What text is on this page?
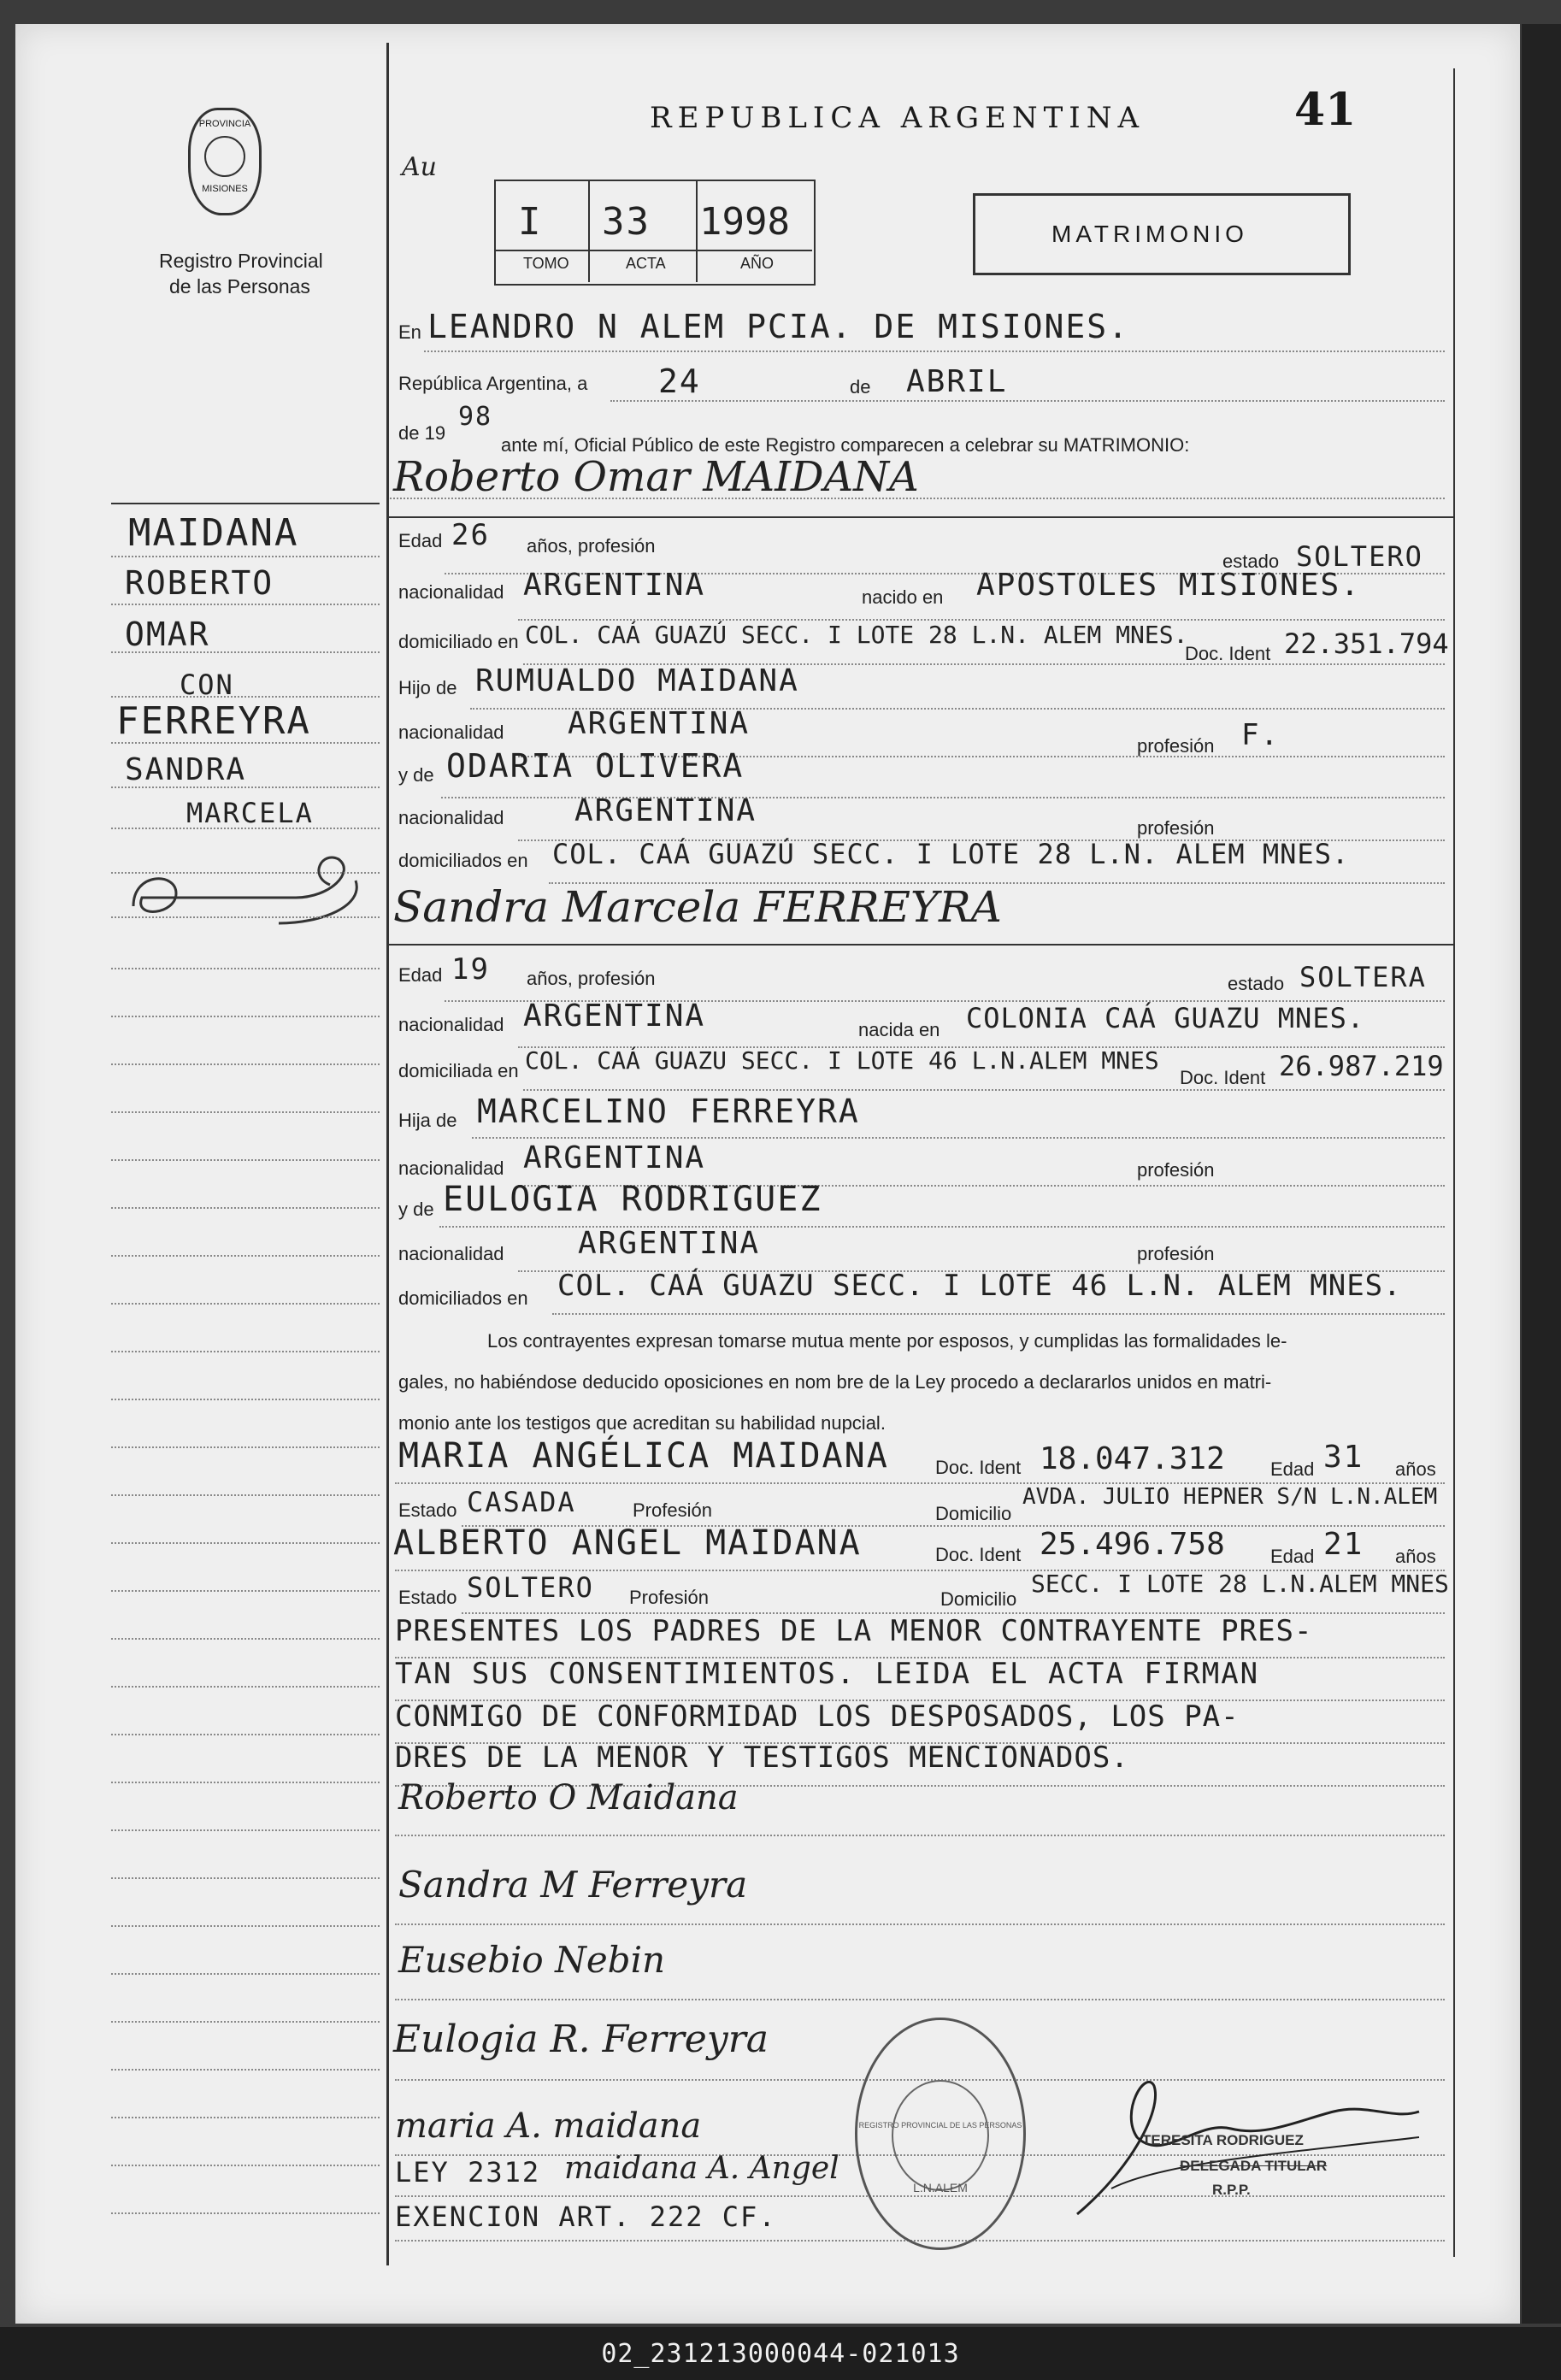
PROVINCIA
MISIONES
Registro Provincial
de las Personas
REPUBLICA ARGENTINA	41
Au
I 33 1998
TOMO	ACTA	AÑO
MATRIMONIO
MAIDANA
ROBERTO
OMAR
CON
FERREYRA
SANDRA
MARCELA
En LEANDRO N ALEM PCIA. DE MISIONES.
República Argentina, a 24	de ABRIL
de 19
98
ante mí, Oficial Público de este Registro comparecen a celebrar su MATRIMONIO:
Roberto Omar MAIDANA
Edad 26 años, profesión
estado SOLTERO
nacionalidad ARGENTINA	nacido en APOSTOLES MISIONES.
domiciliado en COL. CAÁ GUAZÚ SECC. I LOTE 28 L.N. ALEM MNES.
Doc. Ident 22.351.794
Hijo de RUMUALDO MAIDANA
nacionalidad ARGENTINA
profesión F.
y de ODARIA OLIVERA
nacionalidad ARGENTINA	profesión
domiciliados en COL. CAÁ GUAZÚ SECC. I LOTE 28 L.N. ALEM MNES.
Sandra Marcela FERREYRA
Edad 19 años, profesión	estado SOLTERA
nacionalidad ARGENTINA	nacida en COLONIA CAÁ GUAZU MNES.
domiciliada en COL. CAÁ GUAZU SECC. I LOTE 46 L.N.ALEM MNES
Doc. Ident 26.987.219
Hija de MARCELINO FERREYRA
nacionalidad ARGENTINA	profesión
y de EULOGIA RODRIGUEZ
nacionalidad ARGENTINA	profesión
domiciliados en COL. CAÁ GUAZU SECC. I LOTE 46 L.N. ALEM MNES.
Los contrayentes expresan tomarse mutua mente por esposos, y cumplidas las formalidades le-
gales, no habiéndose deducido oposiciones en nom bre de la Ley procedo a declararlos unidos en matri-
monio ante los testigos que acreditan su habilidad nupcial.
MARIA ANGÉLICA MAIDANA Doc. Ident 18.047.312 Edad 31 años
Estado CASADA	Profesión	Domicilio
AVDA. JULIO HEPNER S/N L.N.ALEM
ALBERTO ANGEL MAIDANA	Doc. Ident 25.496.758 Edad 21 años
Estado SOLTERO Profesión	Domicilio
SECC. I LOTE 28 L.N.ALEM MNES
PRESENTES LOS PADRES DE LA MENOR CONTRAYENTE PRES-
TAN SUS CONSENTIMIENTOS. LEIDA EL ACTA FIRMAN
CONMIGO DE CONFORMIDAD LOS DESPOSADOS, LOS PA-
DRES DE LA MENOR Y TESTIGOS MENCIONADOS.
Roberto O Maidana
Sandra M Ferreyra
Eusebio Nebin
Eulogia R. Ferreyra
maria A. maidana
LEY 2312 maidana A. Angel
EXENCION ART. 222 CF.
REGISTRO PROVINCIAL DE LAS PERSONAS
L.N.ALEM
TERESITA RODRIGUEZ
DELEGADA TITULAR
R.P.P.
02_231213000044-021013
